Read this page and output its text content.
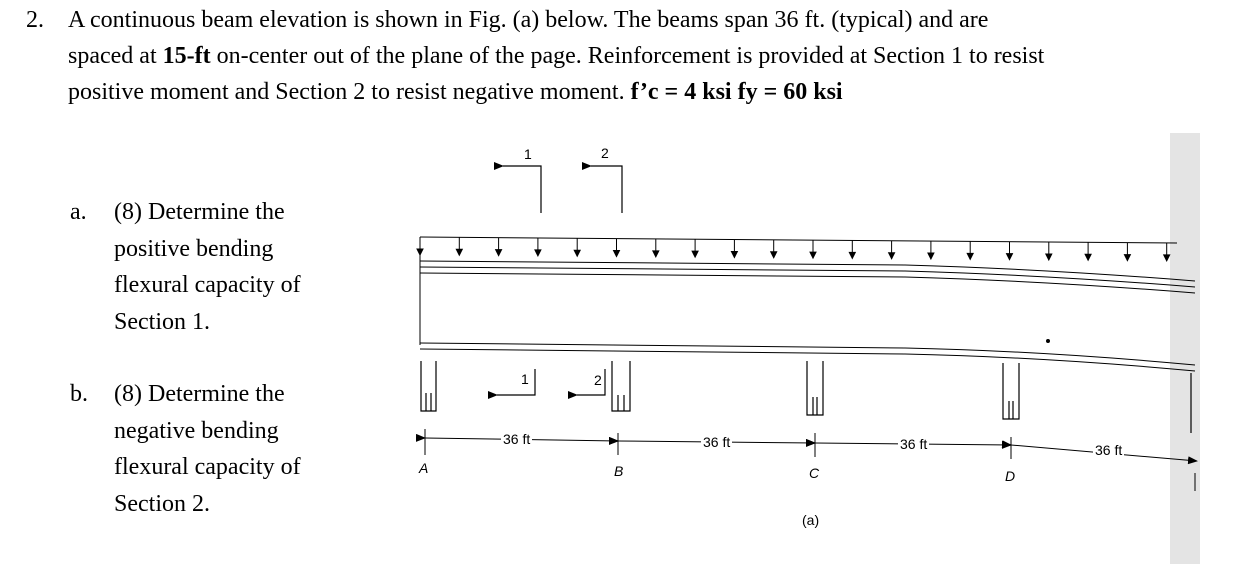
2. A continuous beam elevation is shown in Fig. (a) below. The beams span 36 ft. (typical) and are

spaced at 15-ft on-center out of the plane of the page. Reinforcement is provided at Section 1 to resist

positive moment and Section 2 to resist negative moment. f’c = 4 ksi fy = 60 ksi

a. (8) Determine the
positive bending
flexural capacity of
Section 1.
b. (8) Determine the
negative bending
flexural capacity of
Section 2.
1	2
1	2
36 ft	36 ft	36 ft	36 ft
A	B	C	D
(a)
